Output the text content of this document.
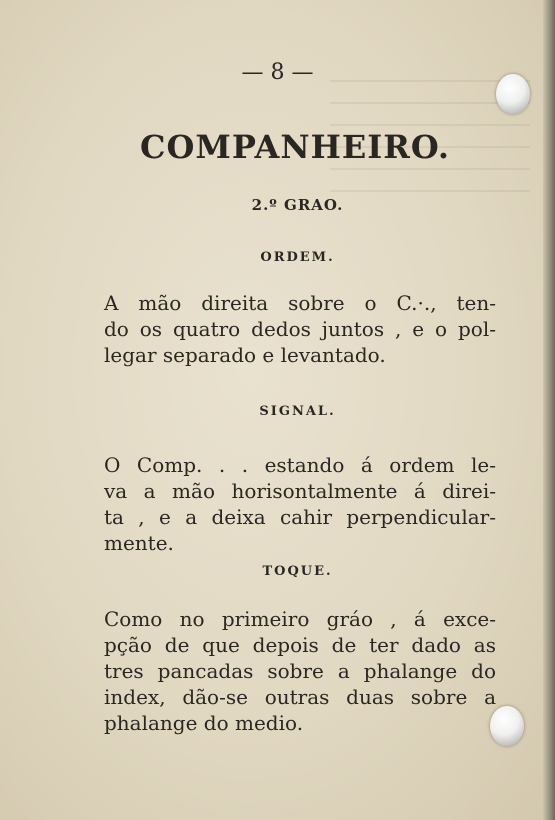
— 8 —
COMPANHEIRO.
2.º GRAO.
ORDEM.
A mão direita sobre o C.·., ten-
do os quatro dedos juntos , e o pol-
legar separado e levantado.
SIGNAL.
O Comp. . . estando á ordem le-
va a mão horisontalmente á direi-
ta , e a deixa cahir perpendicular-
mente.
TOQUE.
Como no primeiro gráo , á exce-
pção de que depois de ter dado as
tres pancadas sobre a phalange do
index, dão-se outras duas sobre a
phalange do medio.
